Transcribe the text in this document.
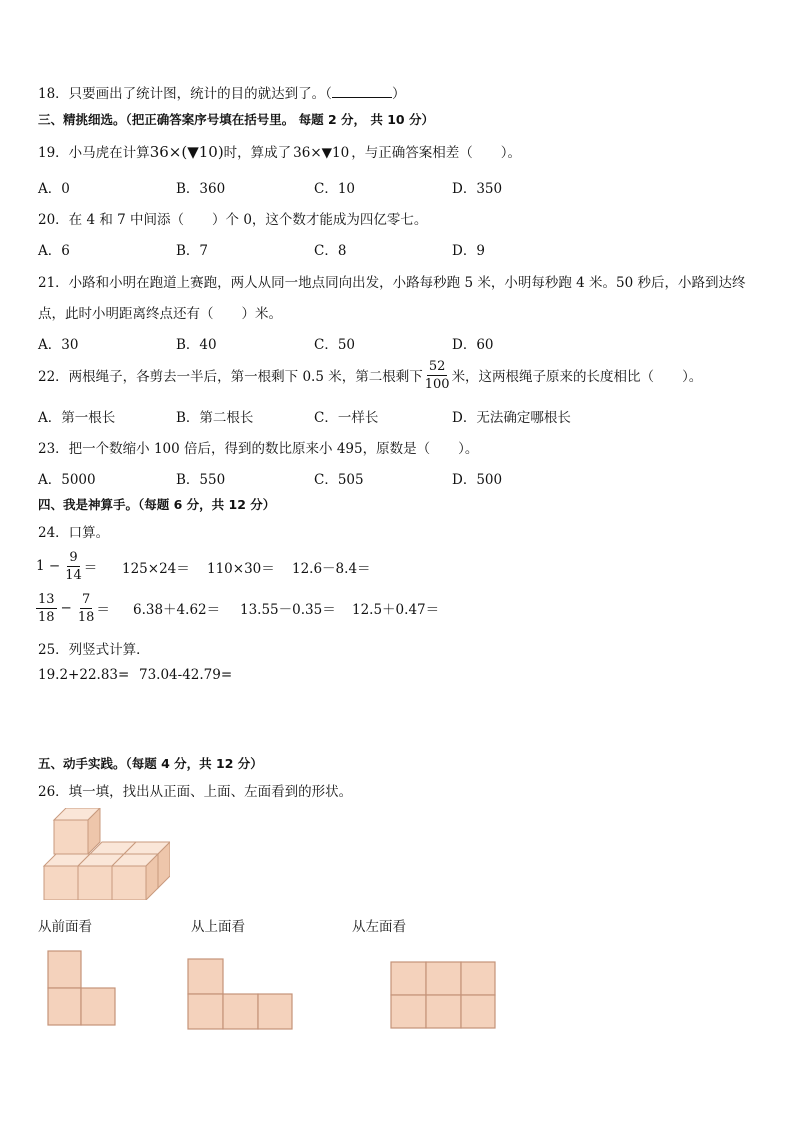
18．只要画出了统计图，统计的目的就达到了。（	）
三、精挑细选。（把正确答案序号填在括号里。 每题 2 分， 共 10 分）
19．小马虎在计算36×(▼10)时，算成了 36×▼10 ，与正确答案相差（ ）。
A．0	B．360	C．10	D．350
20．在 4 和 7 中间添（ ）个 0，这个数才能成为四亿零七。
A．6	B．7	C．8	D．9
21．小路和小明在跑道上赛跑，两人从同一地点同向出发，小路每秒跑 5 米，小明每秒跑 4 米。50 秒后，小路到达终
点，此时小明距离终点还有（ ）米。
A．30	B．40	C．50	D．60
22．两根绳子，各剪去一半后，第一根剩下 0.5 米，第二根剩下 $\frac{52}{100}$ 米，这两根绳子原来的长度相比（ ）。
A．第一根长	B．第二根长	C．一样长	D．无法确定哪根长
23．把一个数缩小 100 倍后，得到的数比原来小 495，原数是（ ）。
A．5000	B．550	C．505	D．500
四、我是神算手。（每题 6 分，共 12 分）
24．口算。
$1 - \frac{9}{14} = 125\times 24= 110\times 30= 12.6-8.4=$
$\frac{13}{18} - \frac{7}{18} = 6.38+4.62= 13.55-0.35= 12.5+0.47=$
25．列竖式计算．
19.2+22.83= 73.04-42.79=
五、动手实践。（每题 4 分，共 12 分）
26．填一填，找出从正面、上面、左面看到的形状。
从前面看	从上面看	从左面看
